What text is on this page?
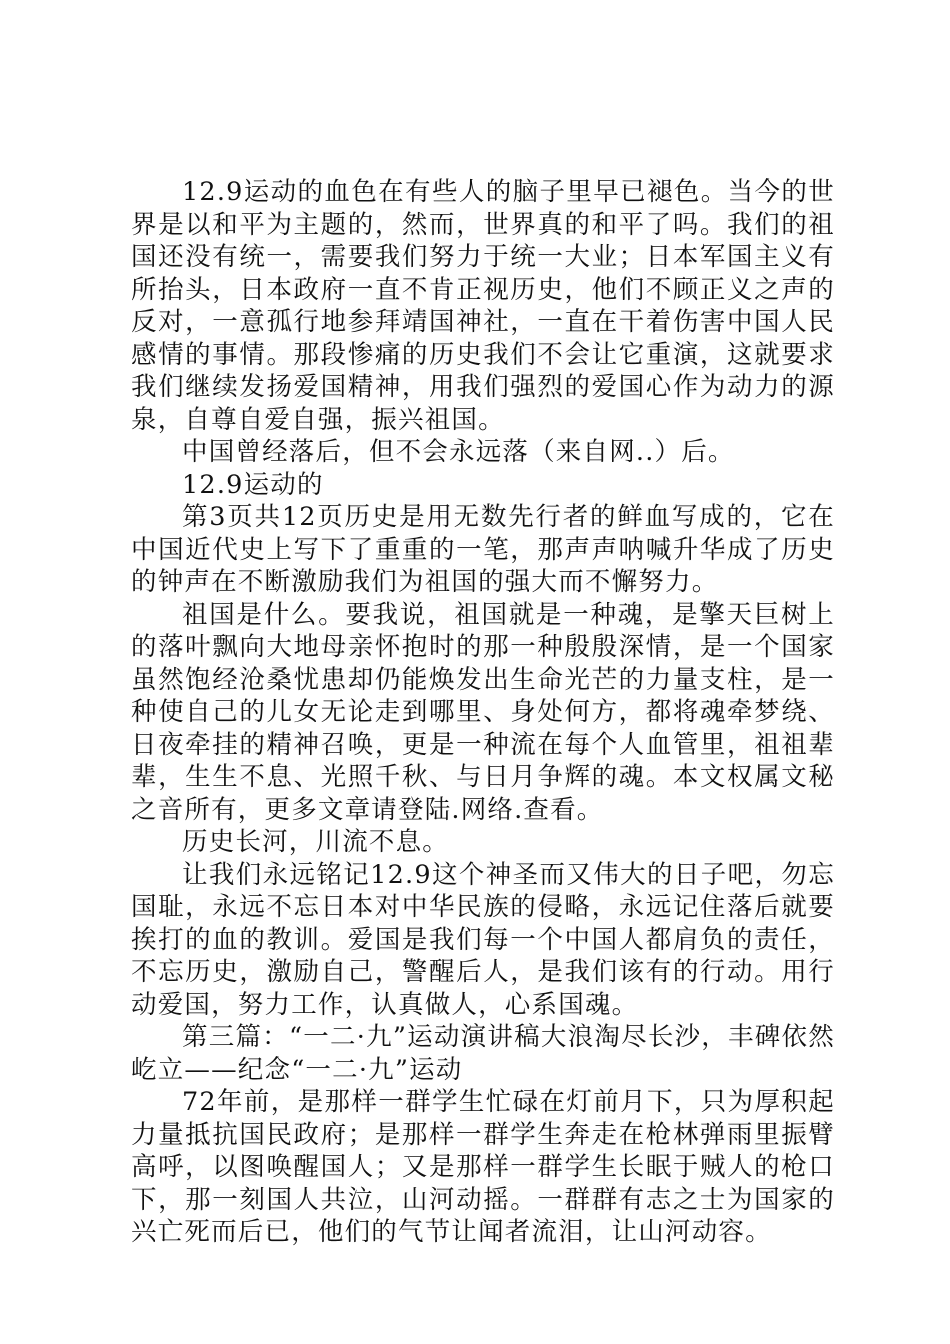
12.9运动的血色在有些人的脑子里早已褪色。当今的世界是以和平为主题的，然而，世界真的和平了吗。我们的祖国还没有统一，需要我们努力于统一大业；日本军国主义有所抬头，日本政府一直不肯正视历史，他们不顾正义之声的反对，一意孤行地参拜靖国神社，一直在干着伤害中国人民感情的事情。那段惨痛的历史我们不会让它重演，这就要求我们继续发扬爱国精神，用我们强烈的爱国心作为动力的源泉，自尊自爱自强，振兴祖国。

中国曾经落后，但不会永远落（来自网..）后。

12.9运动的

第3页共12页历史是用无数先行者的鲜血写成的，它在中国近代史上写下了重重的一笔，那声声呐喊升华成了历史的钟声在不断激励我们为祖国的强大而不懈努力。

祖国是什么。要我说，祖国就是一种魂，是擎天巨树上的落叶飘向大地母亲怀抱时的那一种殷殷深情，是一个国家虽然饱经沧桑忧患却仍能焕发出生命光芒的力量支柱，是一种使自己的儿女无论走到哪里、身处何方，都将魂牵梦绕、日夜牵挂的精神召唤，更是一种流在每个人血管里，祖祖辈辈，生生不息、光照千秋、与日月争辉的魂。本文权属文秘之音所有，更多文章请登陆.网络.查看。

历史长河，川流不息。

让我们永远铭记12.9这个神圣而又伟大的日子吧，勿忘国耻，永远不忘日本对中华民族的侵略，永远记住落后就要挨打的血的教训。爱国是我们每一个中国人都肩负的责任，不忘历史，激励自己，警醒后人，是我们该有的行动。用行动爱国，努力工作，认真做人，心系国魂。

第三篇：“一二·九”运动演讲稿大浪淘尽长沙，丰碑依然屹立——纪念“一二·九”运动

72年前，是那样一群学生忙碌在灯前月下，只为厚积起力量抵抗国民政府；是那样一群学生奔走在枪林弹雨里振臂高呼，以图唤醒国人；又是那样一群学生长眠于贼人的枪口下，那一刻国人共泣，山河动摇。一群群有志之士为国家的兴亡死而后已，他们的气节让闻者流泪，让山河动容。
